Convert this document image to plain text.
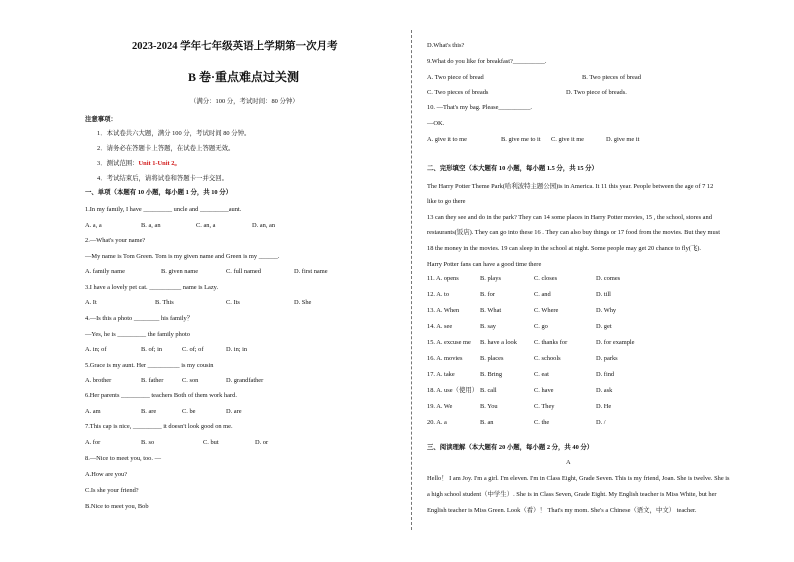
2023-2024 学年七年级英语上学期第一次月考
B 卷·重点难点过关测
（满分：100 分，考试时间：80 分钟）
注意事项：
1．本试卷共六大题，满分 100 分，考试时间 80 分钟。
2．请务必在答题卡上答题，在试卷上答题无效。
3．测试范围：Unit 1-Unit 2。
4．考试结束后，请将试卷和答题卡一并交回。
一、单项（本题有 10 小题，每小题 1 分，共 10 分）
1.In my family, I have _________ uncle and _________aunt.
A. a, a	B. a, an	C. an, a	D. an, an
2.—What's your name?
—My name is Tom Green. Tom is my given name and Green is my ______.
A. family name	B. given name	C. full named	D. first name
3.I have a lovely pet cat. __________ name is Lazy.
A. It	B. This	C. Its	D. She
4.—Is this a photo ________ his family？
—Yes, he is _________ the family photo
A. in; of	B. of; in	C. of; of	D. in; in
5.Grace is my aunt. Her __________ is my cousin
A. brother	B. father	C. son	D. grandfather
6.Her parents _________ teachers Both of them work hard.
A. am	B. are	C. be	D. are
7.This cap is nice, _________ it doesn't look good on me.
A. for	B. so	C. but	D. or
8.—Nice to meet you, too. —
A.How are you?
C.Is she your friend?
B.Nice to meet you, Bob
D.What's this?
9.What do you like for breakfast?__________.
A. Two piece of bread	B. Two pieces of bread
C. Two pieces of breads	D. Two piece of breads.
10. —That's my bag. Please__________.
—OK.
A. give it to me	B. give me to it C. give it me	D. give me it
二、完形填空（本大题有 10 小题，每小题 1.5 分，共 15 分）
The Harry Potter Theme Park(哈利波特主题公园)is in America. It 11 this year. People between the age of 7 12
like to go there
13 can they see and do in the park? They can 14 some places in Harry Potter movies, 15 , the school, stores and
restaurants(饭店). They can go into these 16 . They can also buy things or 17 food from the movies. But they must
18 the money in the movies. 19 can sleep in the school at night. Some people may get 20 chance to fly(飞).
Harry Potter fans can have a good time there
11. A. opens	B. plays	C. closes	D. comes
12. A. to	B. for	C. and	D. till
13. A. When	B. What	C. Where	D. Why
14. A. see	B. say	C. go	D. get
15. A. excuse me B. have a look	C. thanks for	D. for example
16. A. movies	B. places	C. schools	D. parks
17. A. take	B. Bring	C. eat	D. find
18. A. use（使用） B. call	C. have	D. ask
19. A. We	B. You	C. They	D. He
20. A. a	B. an	C. the	D. /
三、阅读理解（本大题有 20 小题，每小题 2 分，共 40 分）
A
Hello！ I am Joy. I'm a girl. I'm eleven. I'm in Class Eight, Grade Seven. This is my friend, Joan. She is twelve. She is
a high school student（中学生）. She is in Class Seven, Grade Eight. My English teacher is Miss White, but her
English teacher is Miss Green. Look（看）！ That's my mom. She's a Chinese（语文，中文） teacher.
